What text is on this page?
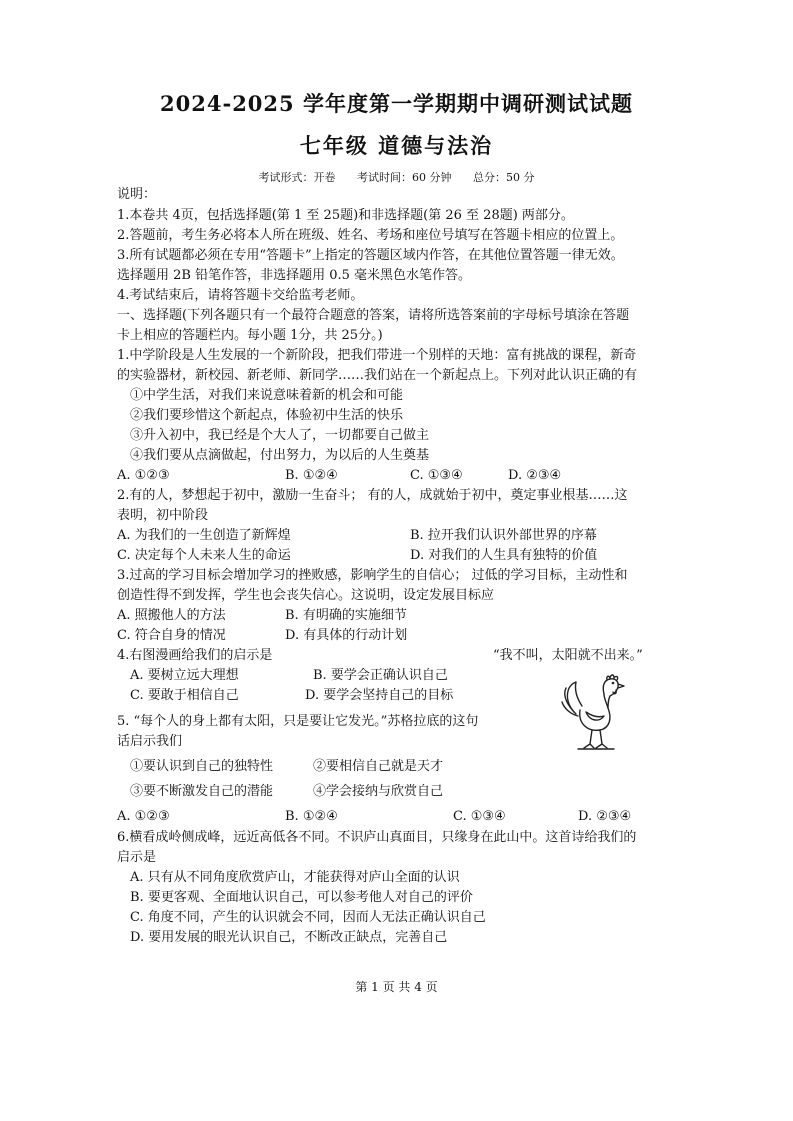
2024-2025 学年度第一学期期中调研测试试题
七年级 道德与法治
考试形式：开卷 考试时间：60 分钟 总分：50 分
说明：
1.本卷共 4页，包括选择题(第 1 至 25题)和非选择题(第 26 至 28题) 两部分。
2.答题前，考生务必将本人所在班级、姓名、考场和座位号填写在答题卡相应的位置上。
3.所有试题都必须在专用“答题卡”上指定的答题区域内作答，在其他位置答题一律无效。
选择题用 2B 铅笔作答，非选择题用 0.5 毫米黑色水笔作答。
4.考试结束后，请将答题卡交给监考老师。
一、选择题(下列各题只有一个最符合题意的答案，请将所选答案前的字母标号填涂在答题
卡上相应的答题栏内。每小题 1分，共 25分。)
1.中学阶段是人生发展的一个新阶段，把我们带进一个别样的天地：富有挑战的课程，新奇
的实验器材，新校园、新老师、新同学……我们站在一个新起点上。下列对此认识正确的有
①中学生活，对我们来说意味着新的机会和可能
②我们要珍惜这个新起点，体验初中生活的快乐
③升入初中，我已经是个大人了，一切都要自己做主
④我们要从点滴做起，付出努力，为以后的人生奠基
A. ①②③	B. ①②④	C. ①③④	D. ②③④
2.有的人，梦想起于初中，激励一生奋斗； 有的人，成就始于初中，奠定事业根基……这
表明，初中阶段
A. 为我们的一生创造了新辉煌	B. 拉开我们认识外部世界的序幕
C. 决定每个人未来人生的命运	D. 对我们的人生具有独特的价值
3.过高的学习目标会增加学习的挫败感，影响学生的自信心； 过低的学习目标，主动性和
创造性得不到发挥，学生也会丧失信心。这说明，设定发展目标应
A. 照搬他人的方法	B. 有明确的实施细节
C. 符合自身的情况	D. 有具体的行动计划
4.右图漫画给我们的启示是	“我不叫，太阳就不出来。”
A. 要树立远大理想	B. 要学会正确认识自己
C. 要敢于相信自己	D. 要学会坚持自己的目标
5. “每个人的身上都有太阳，只是要让它发光。”苏格拉底的这句
话启示我们
①要认识到自己的独特性	②要相信自己就是天才
③要不断激发自己的潜能	④学会接纳与欣赏自己
A. ①②③	B. ①②④	C. ①③④	D. ②③④
6.横看成岭侧成峰，远近高低各不同。不识庐山真面目，只缘身在此山中。这首诗给我们的
启示是
A. 只有从不同角度欣赏庐山，才能获得对庐山全面的认识
B. 要更客观、全面地认识自己，可以参考他人对自己的评价
C. 角度不同，产生的认识就会不同，因而人无法正确认识自己
D. 要用发展的眼光认识自己，不断改正缺点，完善自己
第 1 页 共 4 页
